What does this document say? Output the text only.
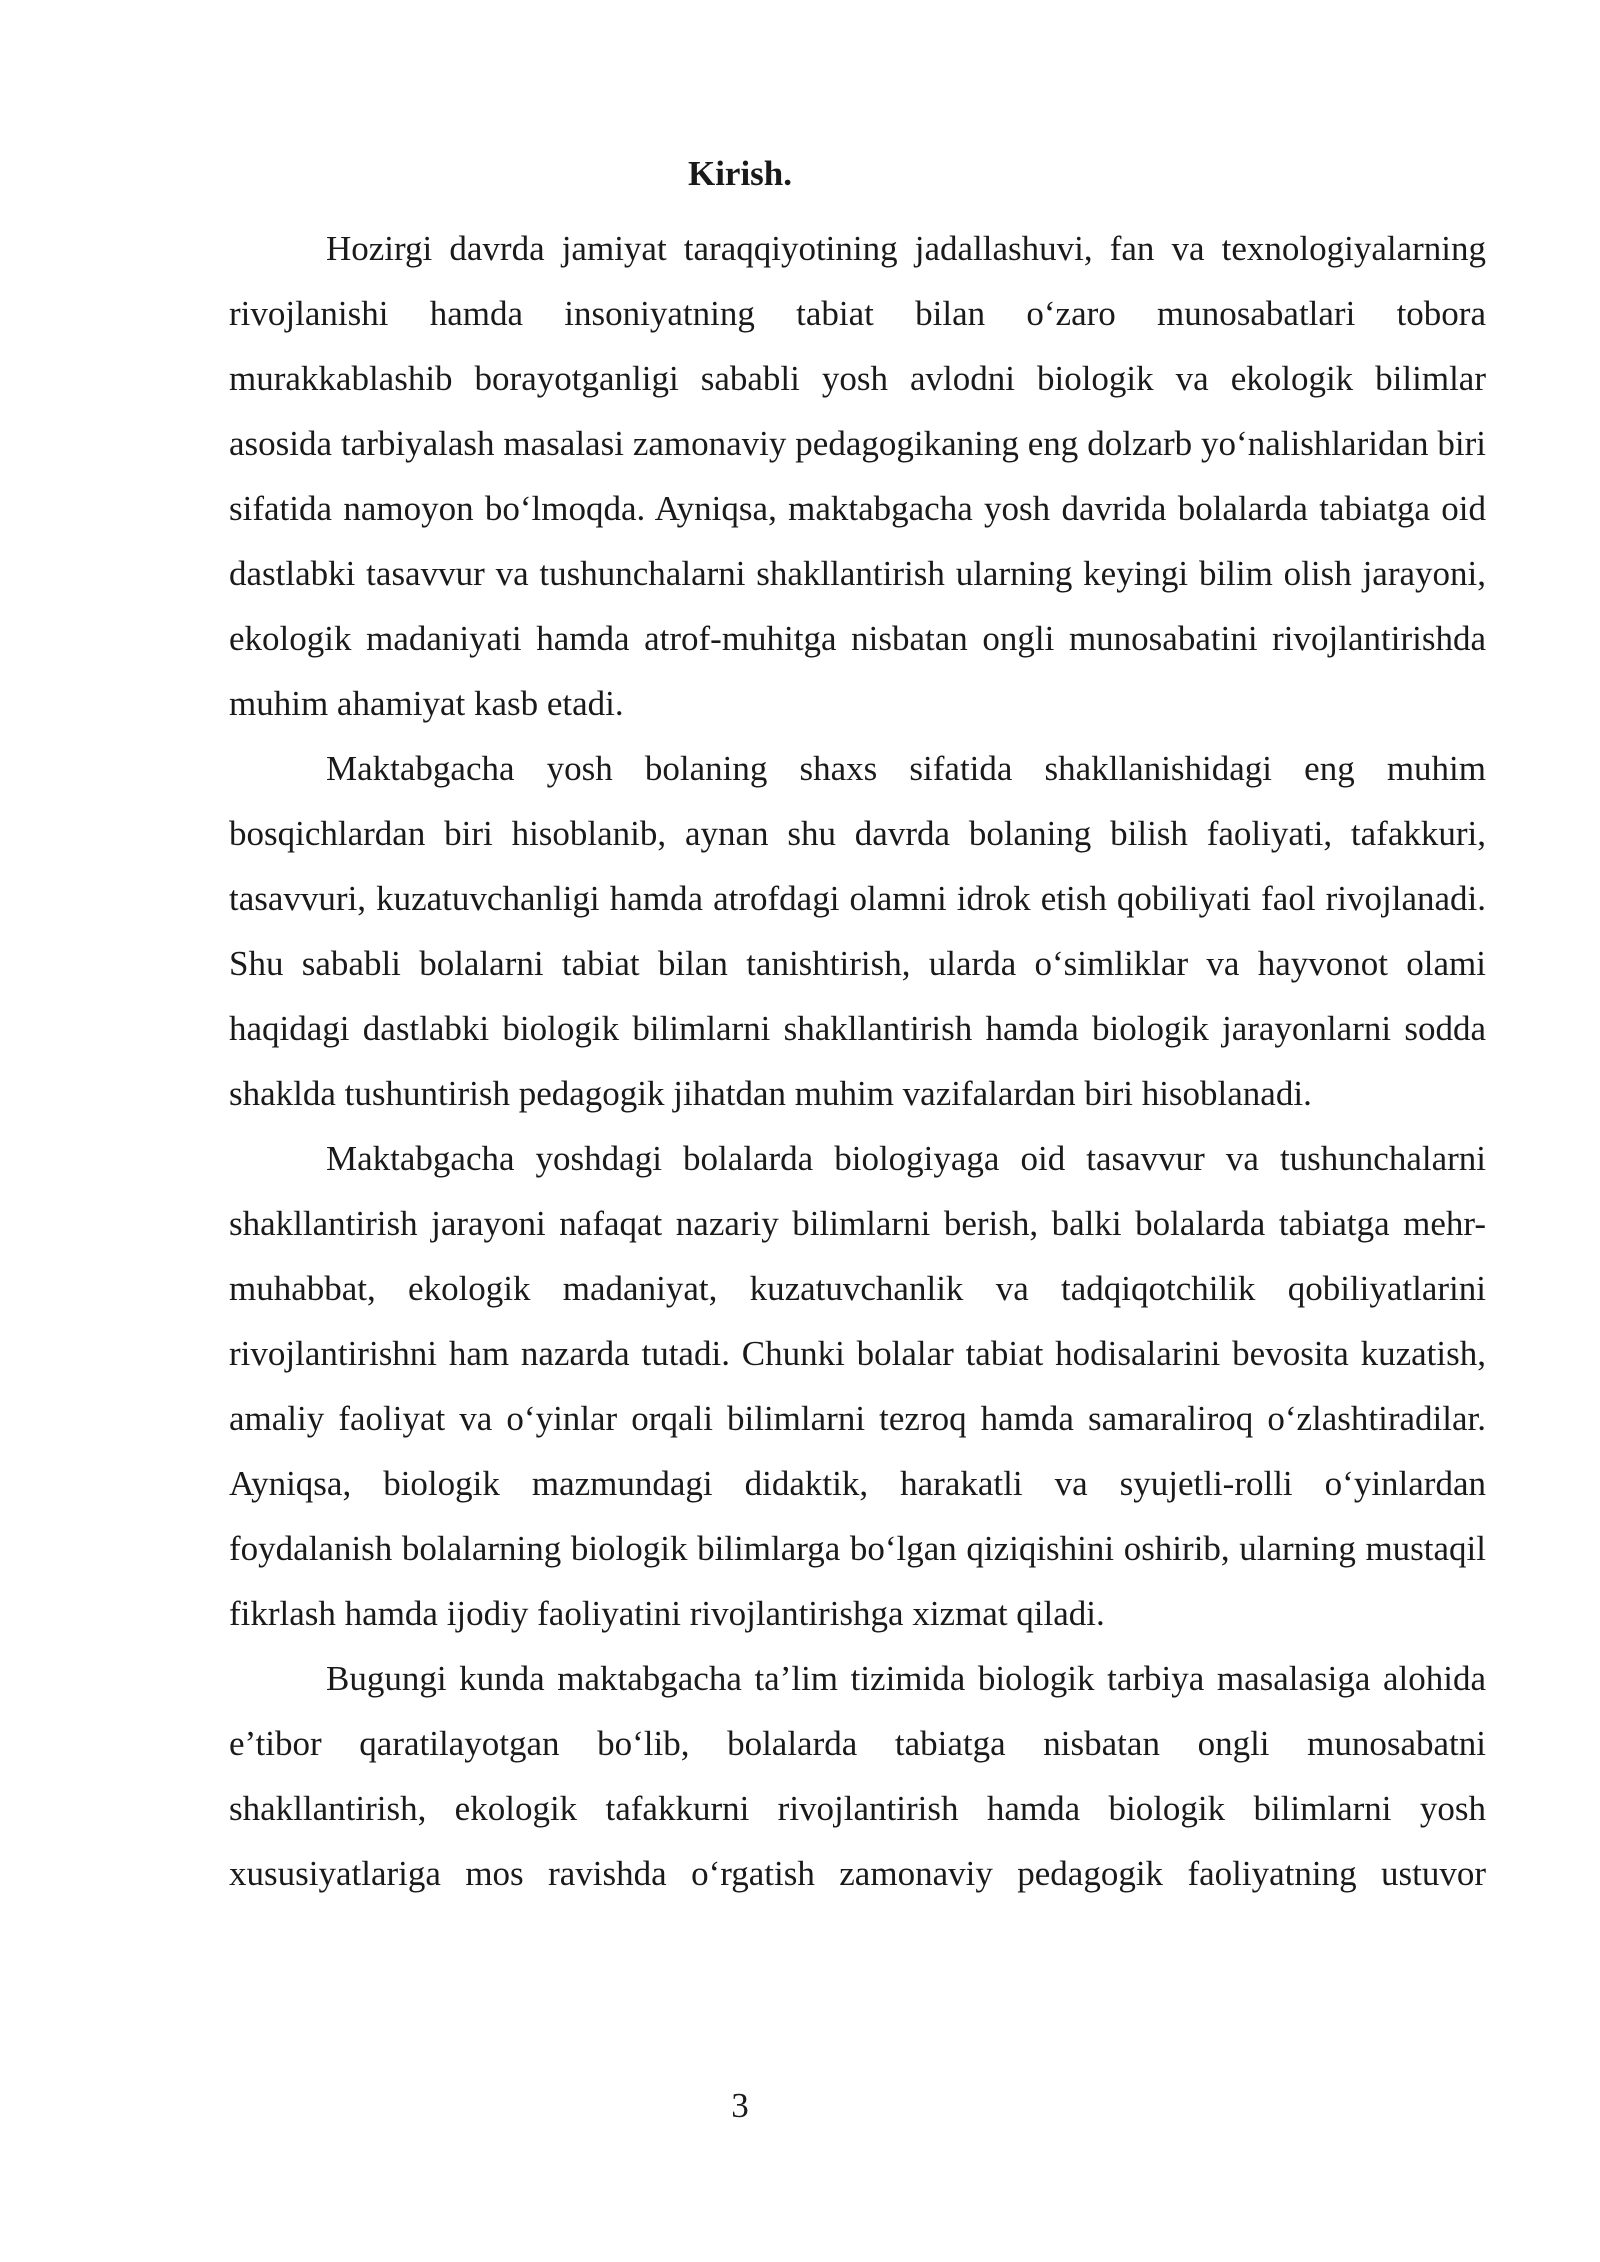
Kirish.

Hozirgi davrda jamiyat taraqqiyotining jadallashuvi, fan va texnologiyalarning rivojlanishi hamda insoniyatning tabiat bilan o‘zaro munosabatlari tobora murakkablashib borayotganligi sababli yosh avlodni biologik va ekologik bilimlar asosida tarbiyalash masalasi zamonaviy pedagogikaning eng dolzarb yo‘nalishlaridan biri sifatida namoyon bo‘lmoqda. Ayniqsa, maktabgacha yosh davrida bolalarda tabiatga oid dastlabki tasavvur va tushunchalarni shakllantirish ularning keyingi bilim olish jarayoni, ekologik madaniyati hamda atrof-muhitga nisbatan ongli munosabatini rivojlantirishda muhim ahamiyat kasb etadi.

Maktabgacha yosh bolaning shaxs sifatida shakllanishidagi eng muhim bosqichlardan biri hisoblanib, aynan shu davrda bolaning bilish faoliyati, tafakkuri, tasavvuri, kuzatuvchanligi hamda atrofdagi olamni idrok etish qobiliyati faol rivojlanadi. Shu sababli bolalarni tabiat bilan tanishtirish, ularda o‘simliklar va hayvonot olami haqidagi dastlabki biologik bilimlarni shakllantirish hamda biologik jarayonlarni sodda shaklda tushuntirish pedagogik jihatdan muhim vazifalardan biri hisoblanadi.

Maktabgacha yoshdagi bolalarda biologiyaga oid tasavvur va tushunchalarni shakllantirish jarayoni nafaqat nazariy bilimlarni berish, balki bolalarda tabiatga mehr-muhabbat, ekologik madaniyat, kuzatuvchanlik va tadqiqotchilik qobiliyatlarini rivojlantirishni ham nazarda tutadi. Chunki bolalar tabiat hodisalarini bevosita kuzatish, amaliy faoliyat va o‘yinlar orqali bilimlarni tezroq hamda samaraliroq o‘zlashtiradilar. Ayniqsa, biologik mazmundagi didaktik, harakatli va syujetli-rolli o‘yinlardan foydalanish bolalarning biologik bilimlarga bo‘lgan qiziqishini oshirib, ularning mustaqil fikrlash hamda ijodiy faoliyatini rivojlantirishga xizmat qiladi.

Bugungi kunda maktabgacha ta’lim tizimida biologik tarbiya masalasiga alohida e’tibor qaratilayotgan bo‘lib, bolalarda tabiatga nisbatan ongli munosabatni shakllantirish, ekologik tafakkurni rivojlantirish hamda biologik bilimlarni yosh xususiyatlariga mos ravishda o‘rgatish zamonaviy pedagogik faoliyatning ustuvor

3
